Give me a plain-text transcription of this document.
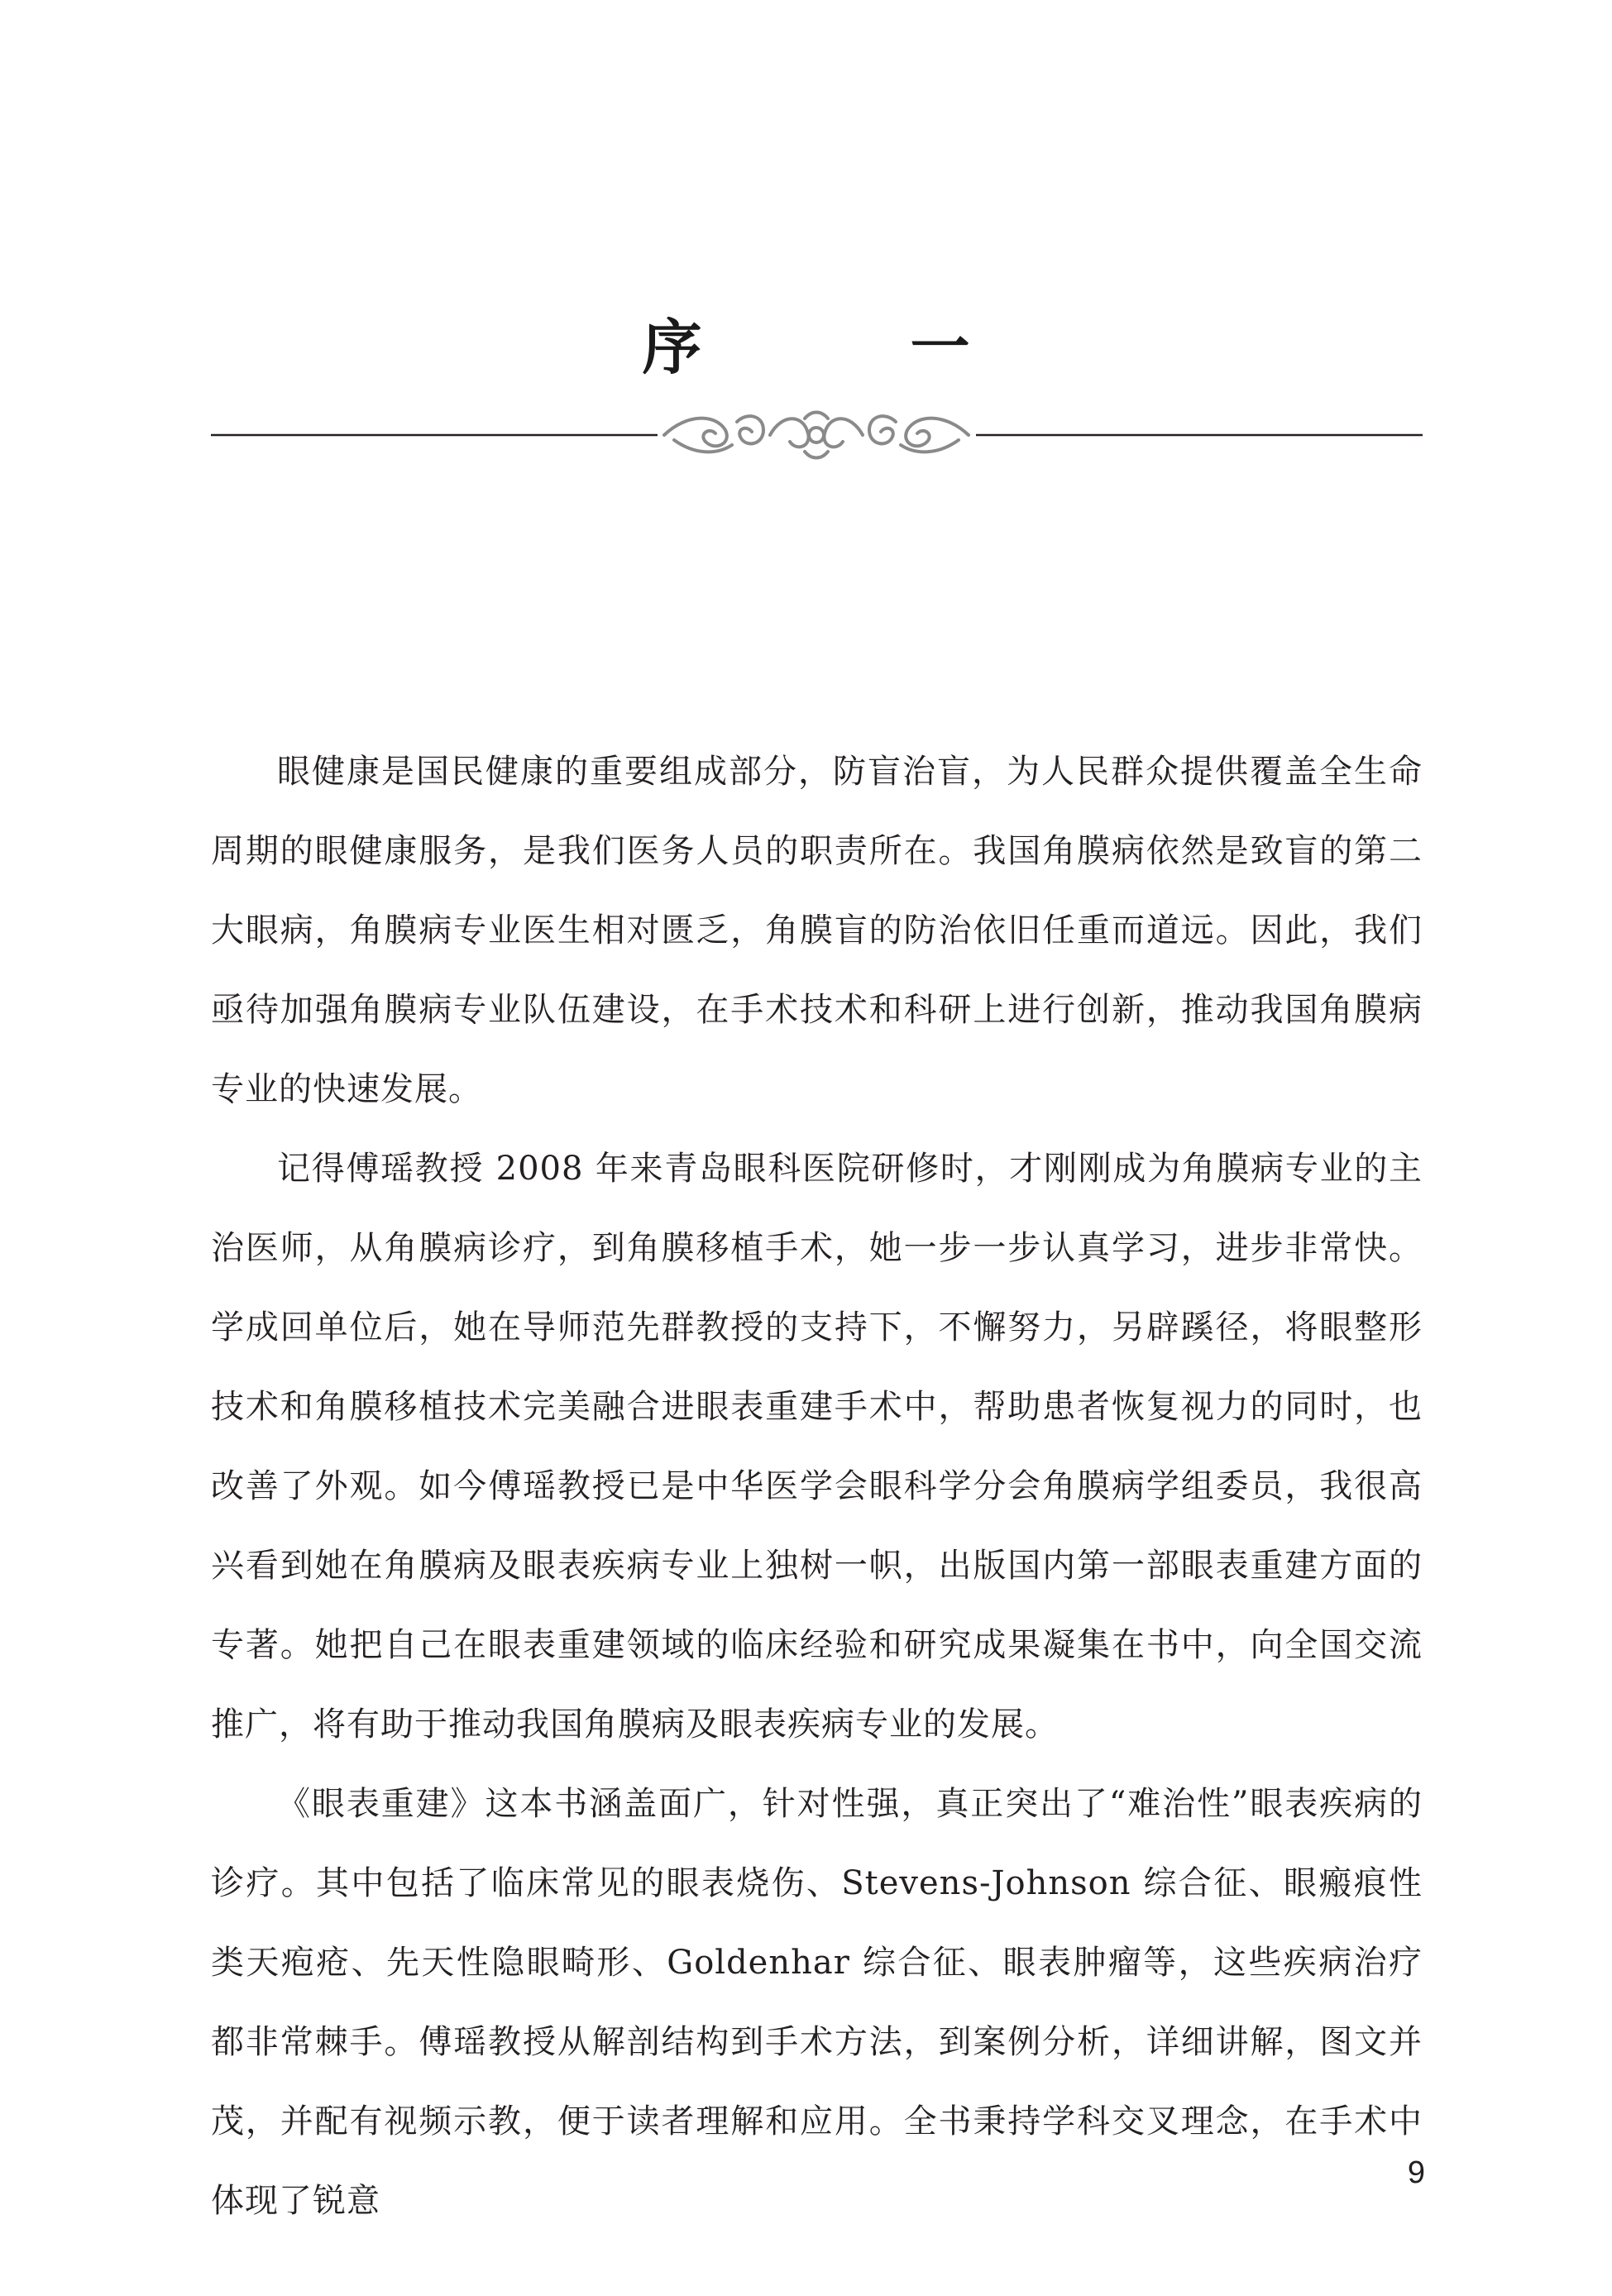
序　一

眼健康是国民健康的重要组成部分，防盲治盲，为人民群众提供覆盖全生命周期的眼健康服务，是我们医务人员的职责所在。我国角膜病依然是致盲的第二大眼病，角膜病专业医生相对匮乏，角膜盲的防治依旧任重而道远。因此，我们亟待加强角膜病专业队伍建设，在手术技术和科研上进行创新，推动我国角膜病专业的快速发展。

记得傅瑶教授 2008 年来青岛眼科医院研修时，才刚刚成为角膜病专业的主治医师，从角膜病诊疗，到角膜移植手术，她一步一步认真学习，进步非常快。学成回单位后，她在导师范先群教授的支持下，不懈努力，另辟蹊径，将眼整形技术和角膜移植技术完美融合进眼表重建手术中，帮助患者恢复视力的同时，也改善了外观。如今傅瑶教授已是中华医学会眼科学分会角膜病学组委员，我很高兴看到她在角膜病及眼表疾病专业上独树一帜，出版国内第一部眼表重建方面的专著。她把自己在眼表重建领域的临床经验和研究成果凝集在书中，向全国交流推广，将有助于推动我国角膜病及眼表疾病专业的发展。

《眼表重建》这本书涵盖面广，针对性强，真正突出了“难治性”眼表疾病的诊疗。其中包括了临床常见的眼表烧伤、Stevens-Johnson 综合征、眼瘢痕性类天疱疮、先天性隐眼畸形、Goldenhar 综合征、眼表肿瘤等，这些疾病治疗都非常棘手。傅瑶教授从解剖结构到手术方法，到案例分析，详细讲解，图文并茂，并配有视频示教，便于读者理解和应用。全书秉持学科交叉理念，在手术中体现了锐意

9
